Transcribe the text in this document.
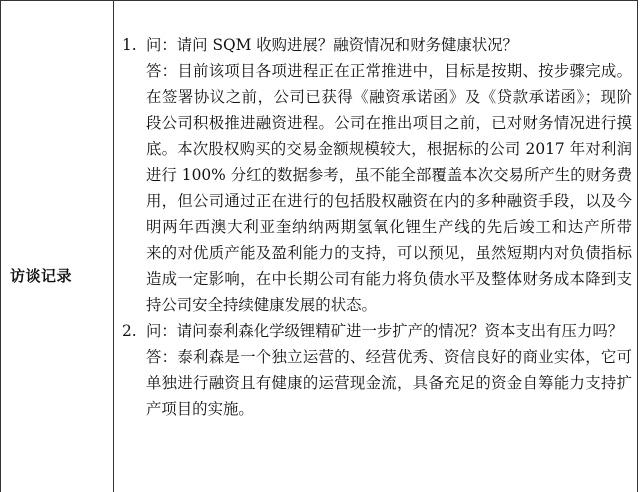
访谈记录
1. 问：请问 SQM 收购进展？融资情况和财务健康状况？
答：目前该项目各项进程正在正常推进中，目标是按期、按步骤完成。
在签署协议之前，公司已获得《融资承诺函》及《贷款承诺函》；现阶
段公司积极推进融资进程。公司在推出项目之前，已对财务情况进行摸
底。本次股权购买的交易金额规模较大，根据标的公司 2017 年对利润
进行 100% 分红的数据参考，虽不能全部覆盖本次交易所产生的财务费
用，但公司通过正在进行的包括股权融资在内的多种融资手段，以及今
明两年西澳大利亚奎纳纳两期氢氧化锂生产线的先后竣工和达产所带
来的对优质产能及盈利能力的支持，可以预见，虽然短期内对负债指标
造成一定影响，在中长期公司有能力将负债水平及整体财务成本降到支
持公司安全持续健康发展的状态。
2. 问：请问泰利森化学级锂精矿进一步扩产的情况？资本支出有压力吗？
答：泰利森是一个独立运营的、经营优秀、资信良好的商业实体，它可
单独进行融资且有健康的运营现金流，具备充足的资金自筹能力支持扩
产项目的实施。
